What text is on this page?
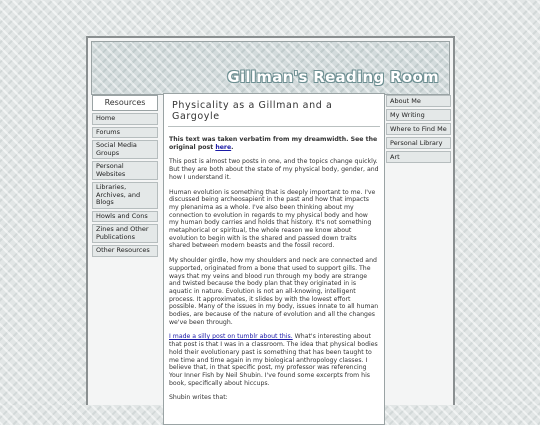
Gillman's Reading Room
Resources
Home
Forums
Social Media Groups
Personal Websites
Libraries, Archives, and Blogs
Howls and Cons
Zines and Other Publications
Other Resources
Physicality as a Gillman and a Gargoyle

This text was taken verbatim from my dreamwidth. See the original post here.

This post is almost two posts in one, and the topics change quickly. But they are both about the state of my physical body, gender, and how I understand it.

Human evolution is something that is deeply important to me. I've discussed being archeosapient in the past and how that impacts my plenanima as a whole. I've also been thinking about my connection to evolution in regards to my physical body and how my human body carries and holds that history. It's not something metaphorical or spiritual, the whole reason we know about evolution to begin with is the shared and passed down traits shared between modern beasts and the fossil record.

My shoulder girdle, how my shoulders and neck are connected and supported, originated from a bone that used to support gills. The ways that my veins and blood run through my body are strange and twisted because the body plan that they originated in is aquatic in nature. Evolution is not an all-knowing, intelligent process. It approximates, it slides by with the lowest effort possible. Many of the issues in my body, issues innate to all human bodies, are because of the nature of evolution and all the changes we've been through.

I made a silly post on tumblr about this. What's interesting about that post is that I was in a classroom. The idea that physical bodies hold their evolutionary past is something that has been taught to me time and time again in my biological anthropology classes. I believe that, in that specific post, my professor was referencing Your Inner Fish by Neil Shubin. I've found some excerpts from his book, specifically about hiccups.

Shubin writes that:

About Me
My Writing
Where to Find Me
Personal Library
Art
